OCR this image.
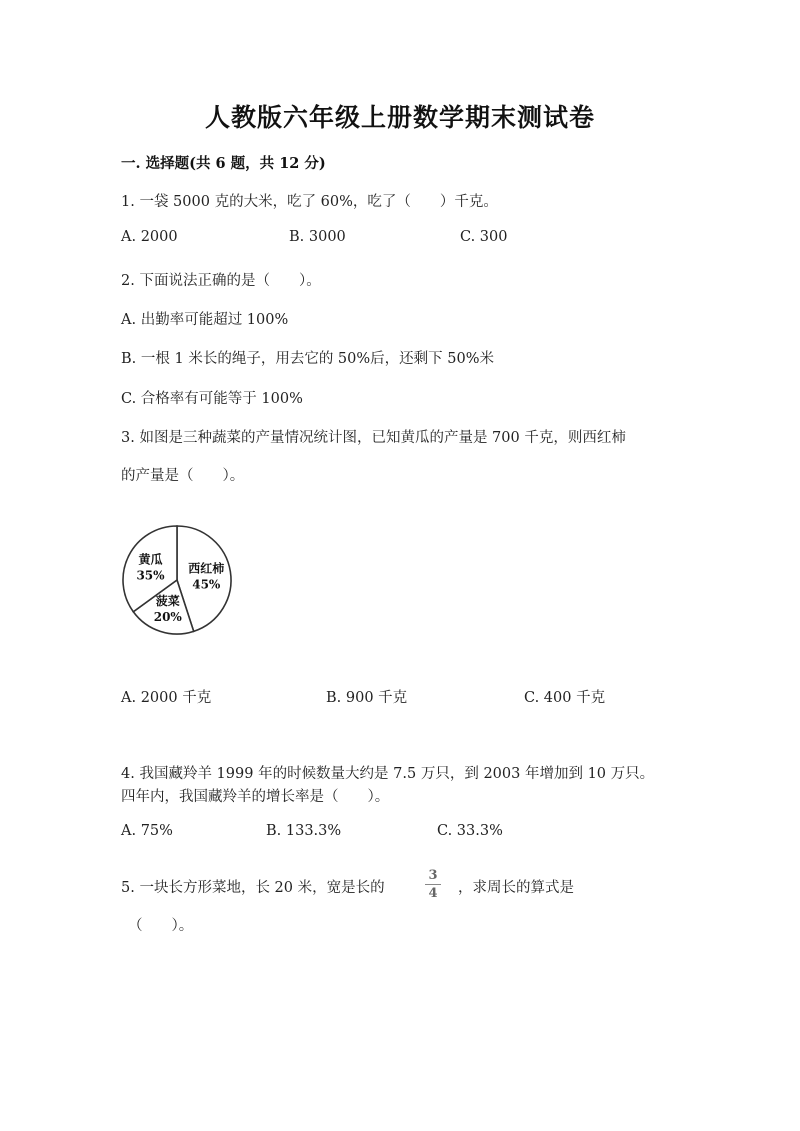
人教版六年级上册数学期末测试卷
一. 选择题(共 6 题，共 12 分)
1. 一袋 5000 克的大米，吃了 60%，吃了（　　）千克。
A. 2000	B. 3000	C. 300
2. 下面说法正确的是（　　）。
A. 出勤率可能超过 100%
B. 一根 1 米长的绳子，用去它的 50%后，还剩下 50%米
C. 合格率有可能等于 100%
3. 如图是三种蔬菜的产量情况统计图，已知黄瓜的产量是 700 千克，则西红柿
的产量是（　　）。
西红柿
45%
菠菜
20%
黄瓜
35%
A. 2000 千克	B. 900 千克	C. 400 千克
4. 我国藏羚羊 1999 年的时候数量大约是 7.5 万只，到 2003 年增加到 10 万只。
四年内，我国藏羚羊的增长率是（　　）。
A. 75%	B. 133.3%	C. 33.3%
5. 一块长方形菜地，长 20 米，宽是长的
3
4 ，求周长的算式是
（　　）。
